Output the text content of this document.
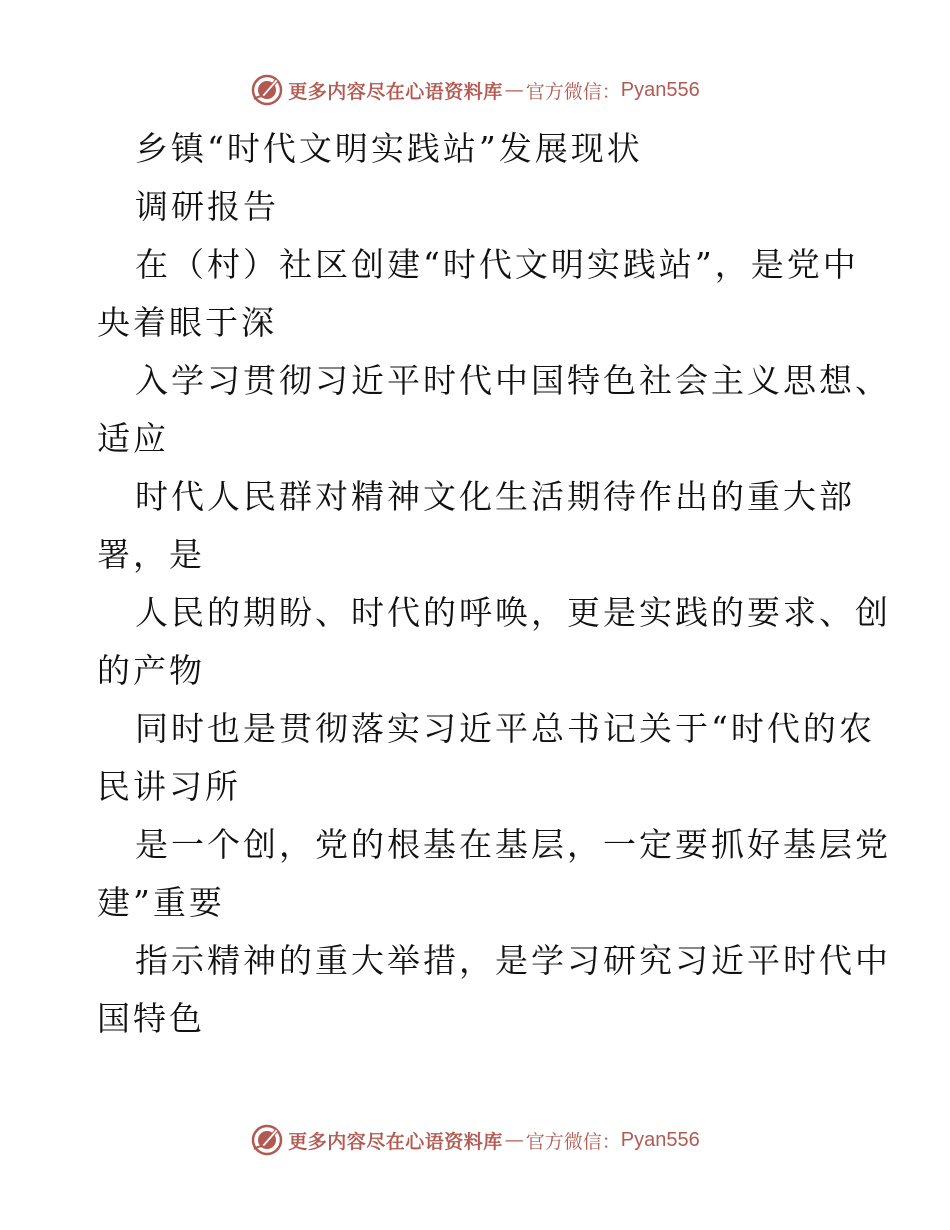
更多内容尽在心语资料库 — 官方微信： Pyan556

乡镇“时代文明实践站”发展现状
调研报告

在（村）社区创建“时代文明实践站”，是党中
央着眼于深

入学习贯彻习近平时代中国特色社会主义思想、
适应

时代人民群对精神文化生活期待作出的重大部
署，是

人民的期盼、时代的呼唤，更是实践的要求、创
的产物

同时也是贯彻落实习近平总书记关于“时代的农
民讲习所

是一个创，党的根基在基层，一定要抓好基层党
建”重要

指示精神的重大举措，是学习研究习近平时代中
国特色

更多内容尽在心语资料库 — 官方微信： Pyan556
